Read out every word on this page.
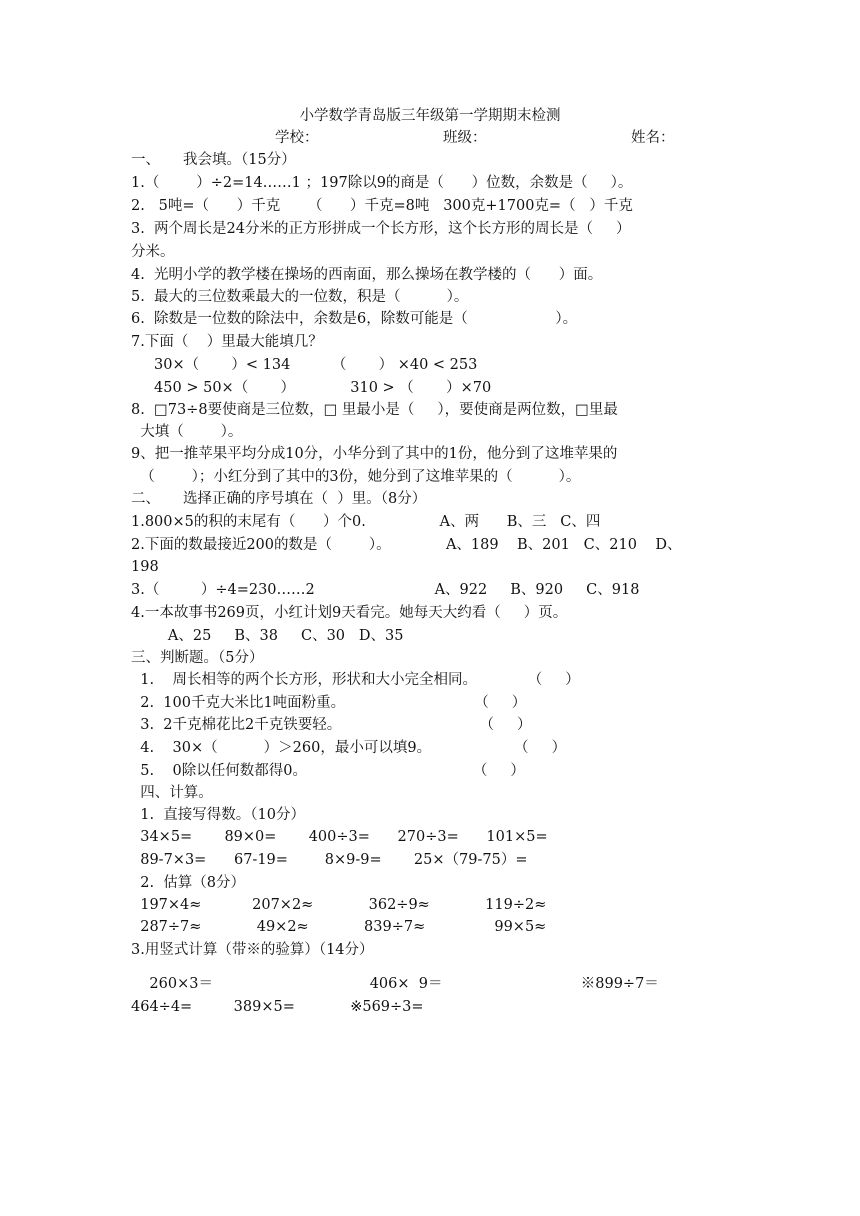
小学数学青岛版三年级第一学期期末检测

学校：

	班级：

	姓名：

一、     我会填。（15分）

1.（        ）÷2=14……1 ；197除以9的商是（      ）位数，余数是（     ）。

2.   5吨=（      ）千克      （      ）千克=8吨   300克+1700克=（   ）千克

3.  两个周长是24分米的正方形拼成一个长方形，这个长方形的周长是（     ）

分米。

4.  光明小学的教学楼在操场的西南面，那么操场在教学楼的（      ）面。

5.  最大的三位数乘最大的一位数，积是（          ）。

6.  除数是一位数的除法中，余数是6，除数可能是（                   ）。

7.下面（    ）里最大能填几？

30×（       ）< 134         （       ） ×40 < 253

450 > 50×（       ）            310 > （       ）×70

8.  □73÷8要使商是三位数，□ 里最小是（     ），要使商是两位数，□里最

大填（        ）。

9、把一推苹果平均分成10分，小华分到了其中的1份，他分到了这堆苹果的

（        ）；小红分到了其中的3份，她分到了这堆苹果的（          ）。

二、     选择正确的序号填在（  ）里。（8分）

1.800×5的积的末尾有（      ）个0.                A、两      B、三   C、四

2.下面的数最接近200的数是（        ）。            A、189    B、201   C、210    D、

198

3.（         ）÷4=230……2                          A、922     B、920     C、918

4.一本故事书269页，小红计划9天看完。她每天大约看（     ）页。

A、25     B、38     C、30   D、35

三、判断题。（5分）

1.    周长相等的两个长方形，形状和大小完全相同。           （     ）

2.  100千克大米比1吨面粉重。                            （     ）

3.  2千克棉花比2千克铁要轻。                              （     ）

4.    30×（          ）＞260，最小可以填9。                  （     ）

5.    0除以任何数都得0。                                    （     ）

四、计算。

1.  直接写得数。（10分）

34×5=       89×0=       400÷3=      270÷3=      101×5=

89-7×3=      67-19=        8×9-9=       25×（79-75）=

2.  估算（8分）

197×4≈           207×2≈            362÷9≈            119÷2≈

287÷7≈            49×2≈            839÷7≈               99×5≈

3.用竖式计算（带※的验算）（14分）

260×3＝                                  406×  9＝                              ※899÷7＝

464÷4=         389×5=            ※569÷3=
